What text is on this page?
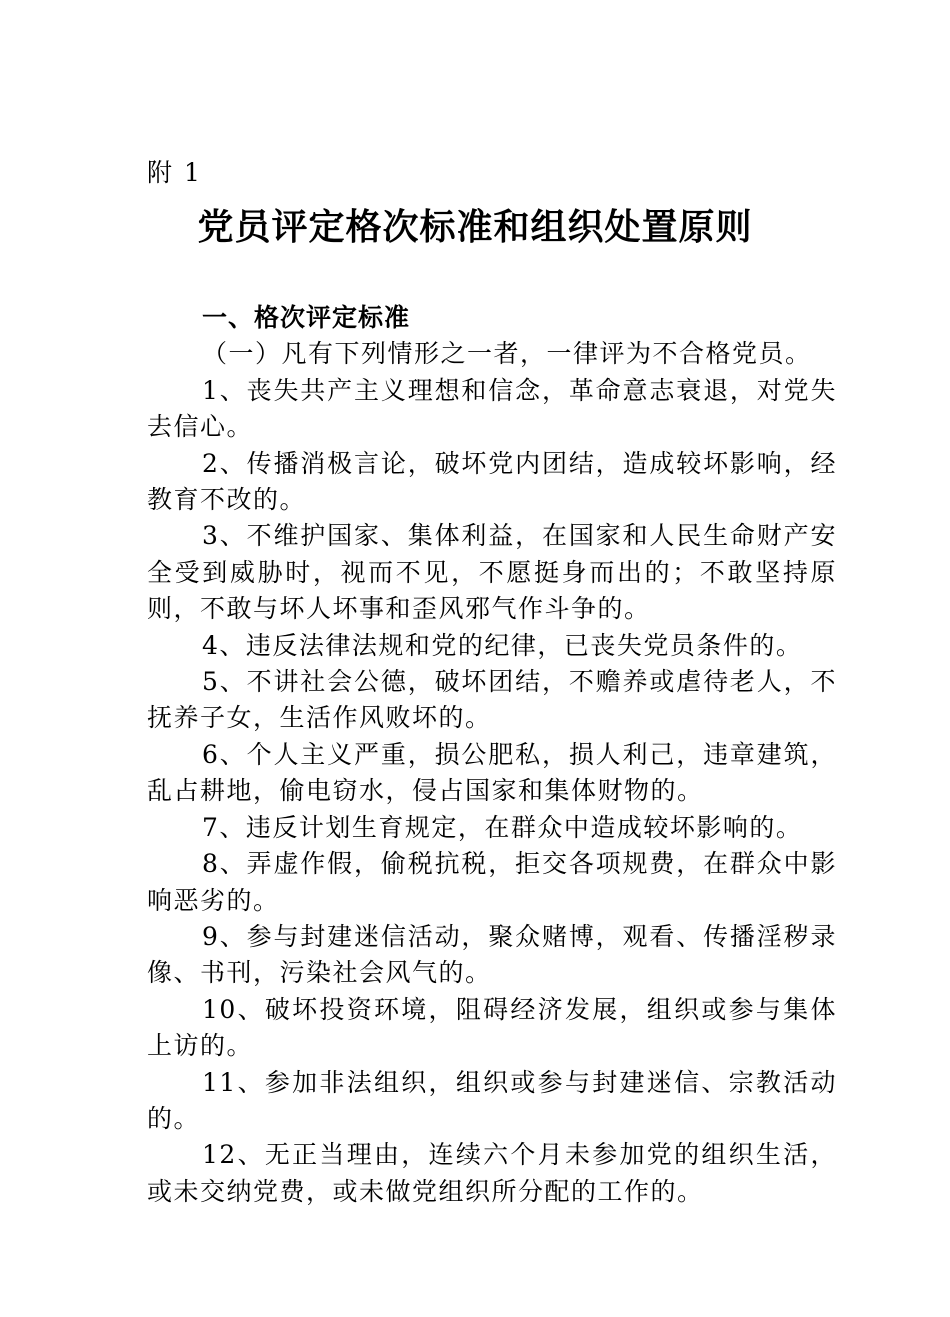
附 1
党员评定格次标准和组织处置原则

一、格次评定标准

（一）凡有下列情形之一者，一律评为不合格党员。

1、丧失共产主义理想和信念，革命意志衰退，对党失去信心。

2、传播消极言论，破坏党内团结，造成较坏影响，经教育不改的。

3、不维护国家、集体利益，在国家和人民生命财产安全受到威胁时，视而不见，不愿挺身而出的；不敢坚持原则，不敢与坏人坏事和歪风邪气作斗争的。

4、违反法律法规和党的纪律，已丧失党员条件的。

5、不讲社会公德，破坏团结，不赡养或虐待老人，不抚养子女，生活作风败坏的。

6、个人主义严重，损公肥私，损人利己，违章建筑，乱占耕地，偷电窃水，侵占国家和集体财物的。

7、违反计划生育规定，在群众中造成较坏影响的。

8、弄虚作假，偷税抗税，拒交各项规费，在群众中影响恶劣的。

9、参与封建迷信活动，聚众赌博，观看、传播淫秽录像、书刊，污染社会风气的。

10、破坏投资环境，阻碍经济发展，组织或参与集体上访的。

11、参加非法组织，组织或参与封建迷信、宗教活动的。

12、无正当理由，连续六个月未参加党的组织生活，或未交纳党费，或未做党组织所分配的工作的。
